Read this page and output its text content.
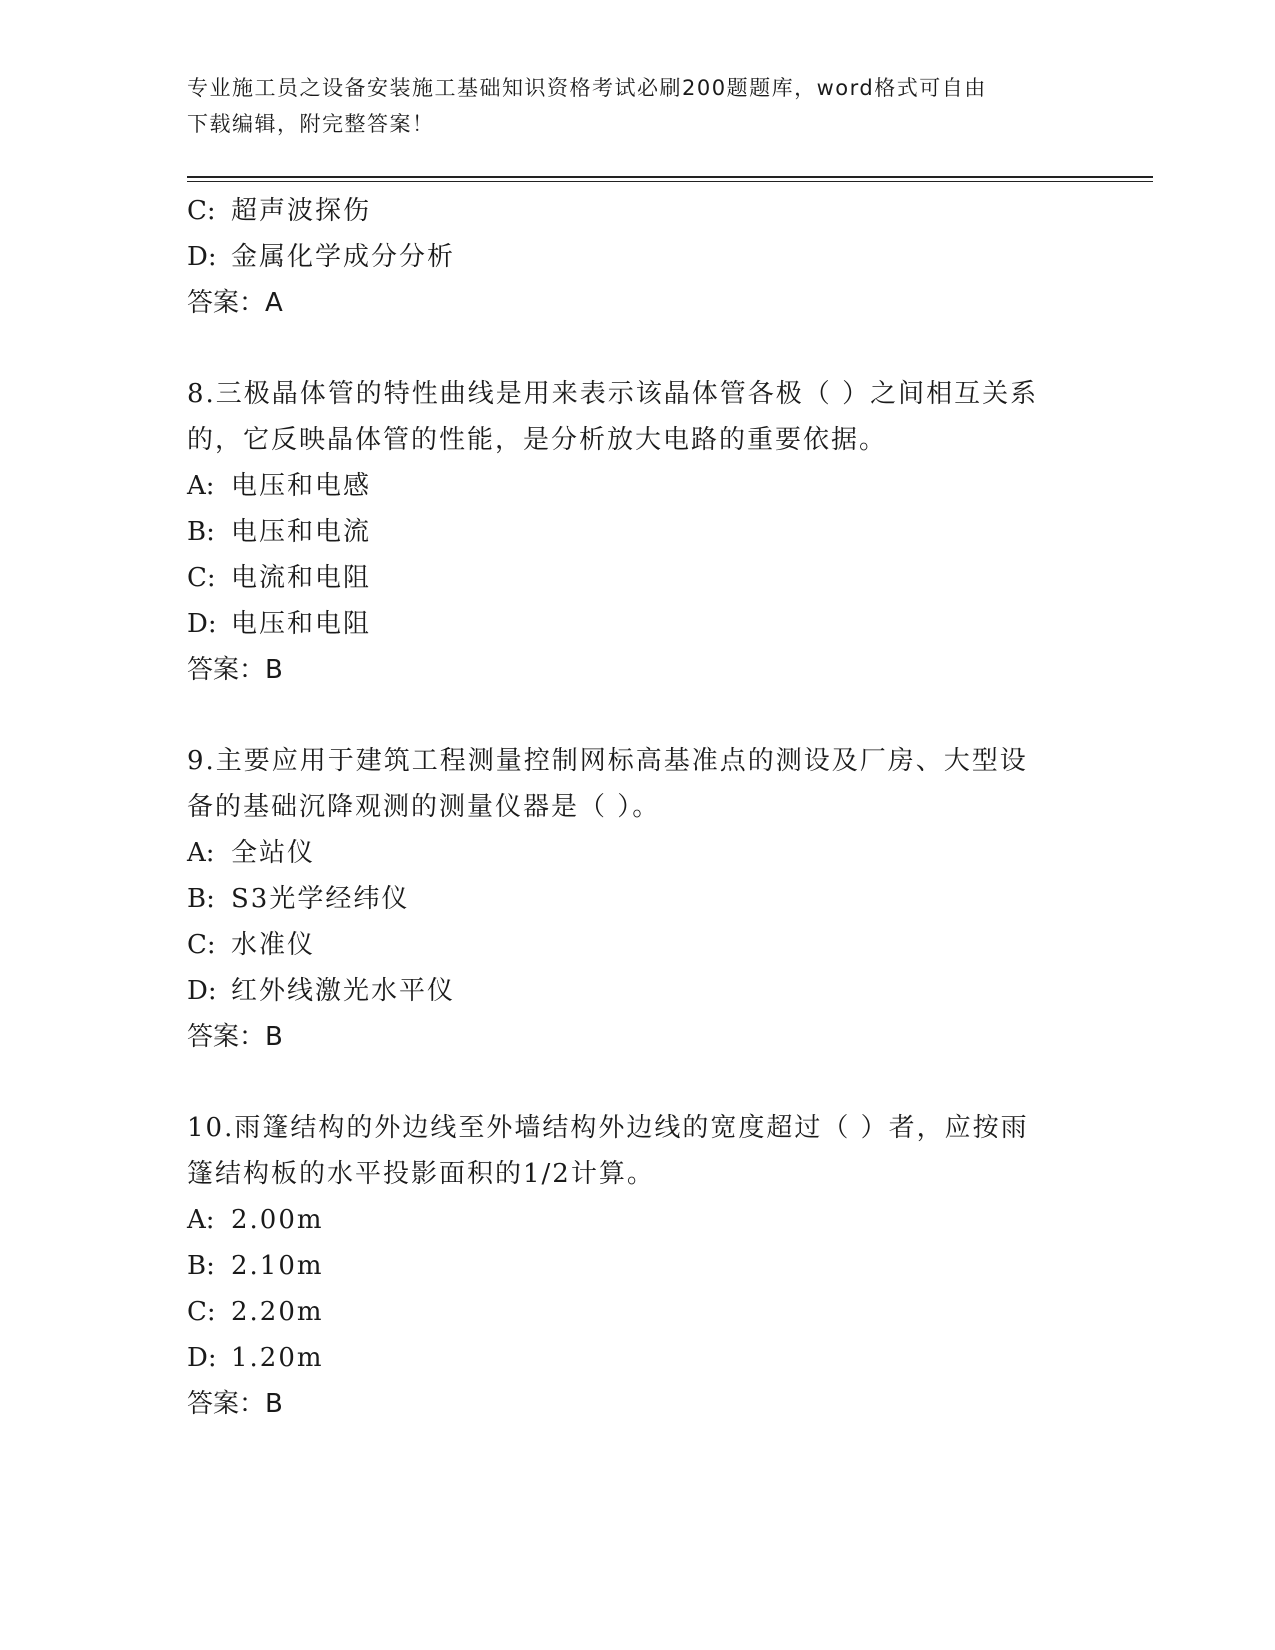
专业施工员之设备安装施工基础知识资格考试必刷200题题库，word格式可自由
下载编辑，附完整答案！
C: 超声波探伤
D: 金属化学成分分析
答案：A
8.三极晶体管的特性曲线是用来表示该晶体管各极（ ）之间相互关系
的，它反映晶体管的性能，是分析放大电路的重要依据。
A: 电压和电感
B: 电压和电流
C: 电流和电阻
D: 电压和电阻
答案：B
9.主要应用于建筑工程测量控制网标高基准点的测设及厂房、大型设
备的基础沉降观测的测量仪器是（ ）。
A: 全站仪
B: S3光学经纬仪
C: 水准仪
D: 红外线激光水平仪
答案：B
10.雨篷结构的外边线至外墙结构外边线的宽度超过（ ）者，应按雨
篷结构板的水平投影面积的1/2计算。
A: 2.00m
B: 2.10m
C: 2.20m
D: 1.20m
答案：B
